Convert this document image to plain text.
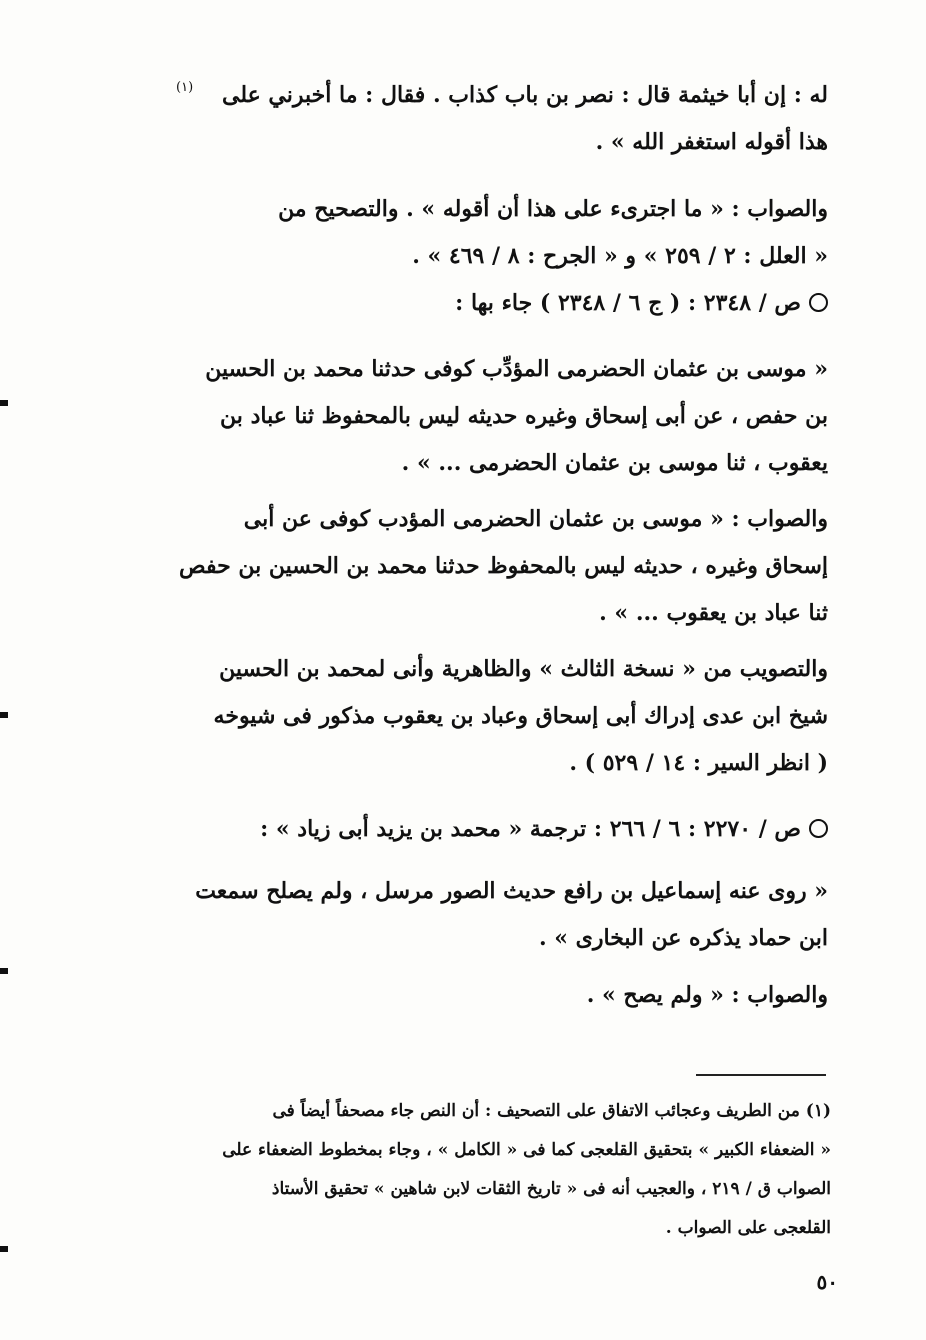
له : إن أبا خيثمة قال : نصر بن باب كذاب . فقال : ما أخبرني على
هذا أقوله استغفر الله » .
(١)
والصواب : « ما اجترىء على هذا أن أقوله » . والتصحيح من
« العلل : ٢ / ٢٥٩ » و « الجرح : ٨ / ٤٦٩ » .
ص / ٢٣٤٨ : ( ج ٦ / ٢٣٤٨ ) جاء بها :
« موسى بن عثمان الحضرمى المؤدِّب كوفى حدثنا محمد بن الحسين
بن حفص ، عن أبى إسحاق وغيره حديثه ليس بالمحفوظ ثنا عباد بن
يعقوب ، ثنا موسى بن عثمان الحضرمى ... » .
والصواب : « موسى بن عثمان الحضرمى المؤدب كوفى عن أبى
إسحاق وغيره ، حديثه ليس بالمحفوظ حدثنا محمد بن الحسين بن حفص
ثنا عباد بن يعقوب ... » .
والتصويب من « نسخة الثالث » والظاهرية وأنى لمحمد بن الحسين
شيخ ابن عدى إدراك أبى إسحاق وعباد بن يعقوب مذكور فى شيوخه
( انظر السير : ١٤ / ٥٢٩ ) .
ص / ٢٢٧٠ : ٦ / ٢٦٦ : ترجمة « محمد بن يزيد أبى زياد » :
« روى عنه إسماعيل بن رافع حديث الصور مرسل ، ولم يصلح سمعت
ابن حماد يذكره عن البخارى » .
والصواب : « ولم يصح » .
(١) من الطريف وعجائب الاتفاق على التصحيف : أن النص جاء مصحفاً أيضاً فى
« الضعفاء الكبير » بتحقيق القلعجى كما فى « الكامل » ، وجاء بمخطوط الضعفاء على
الصواب ق / ٢١٩ ، والعجيب أنه فى « تاريخ الثقات لابن شاهين » تحقيق الأستاذ
القلعجى على الصواب .
٥٠
